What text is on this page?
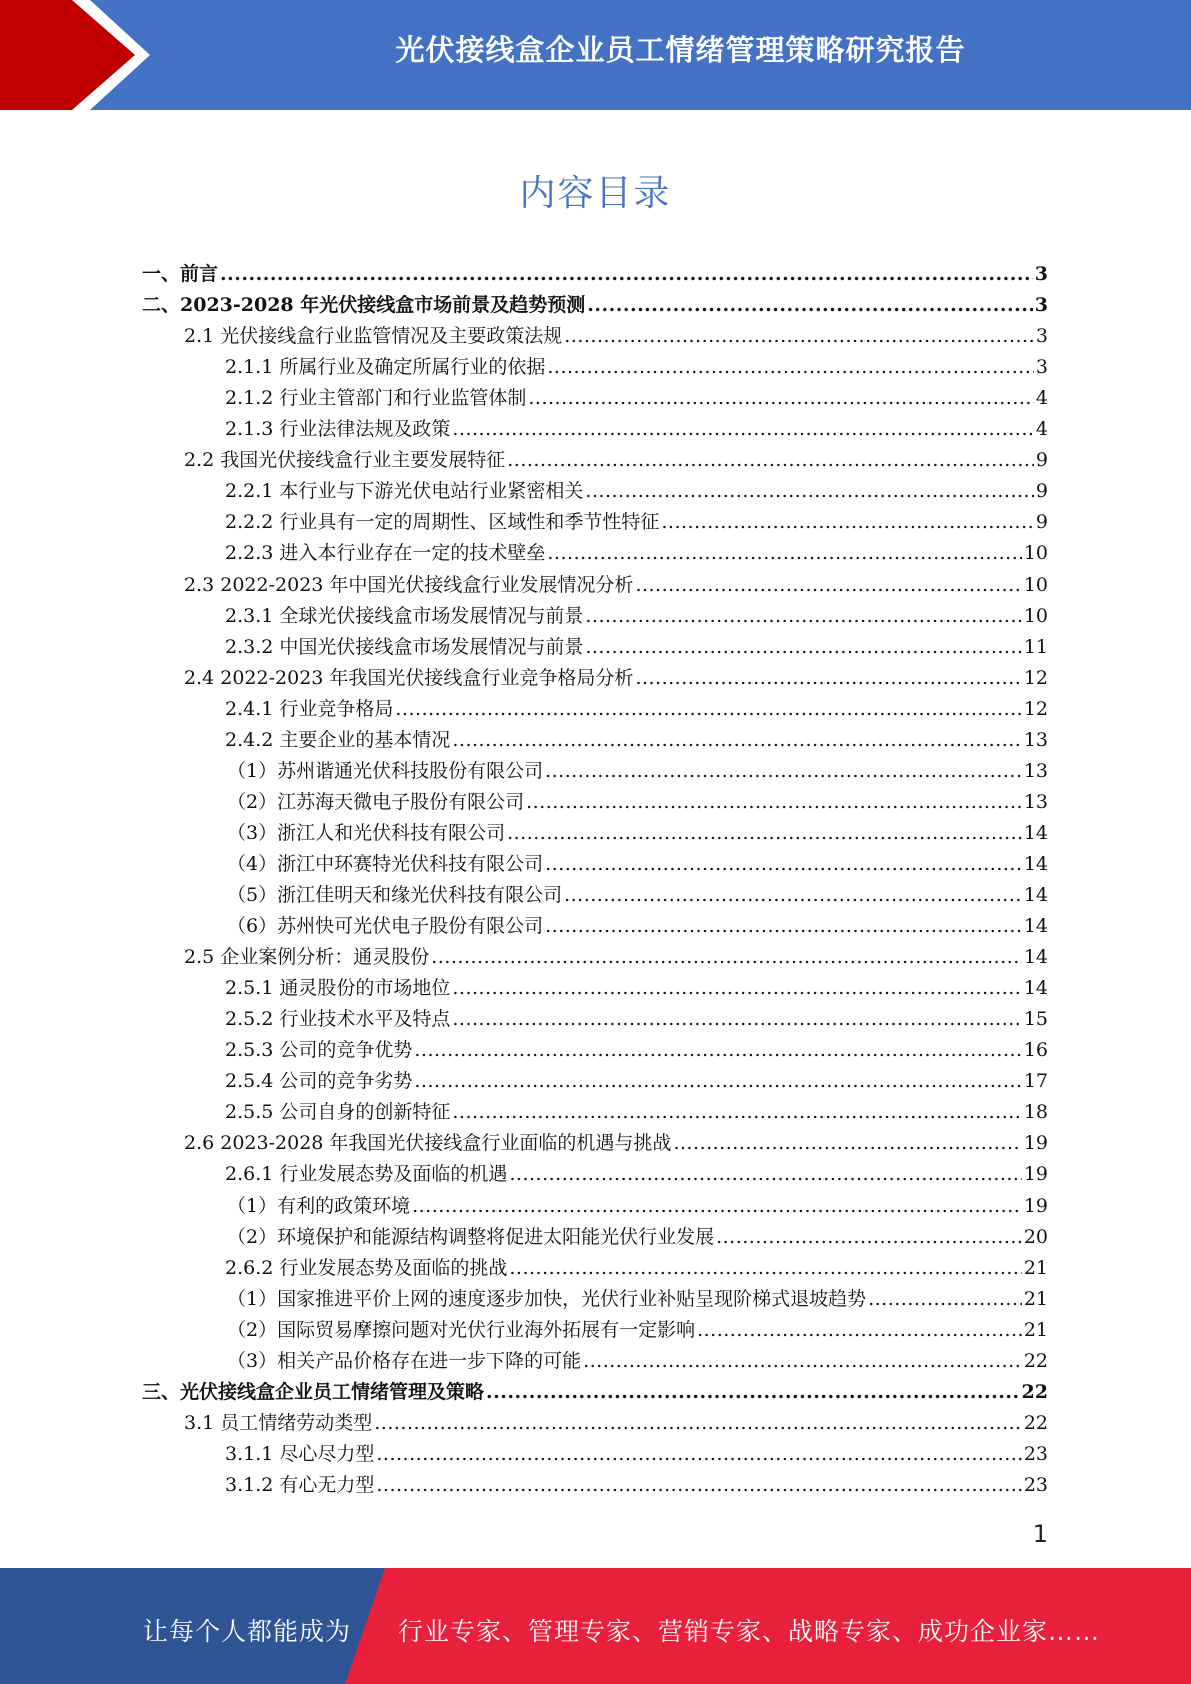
光伏接线盒企业员工情绪管理策略研究报告
内容目录
一、前言 .....	3
二、2023-2028 年光伏接线盒市场前景及趋势预测 .....	3
2.1 光伏接线盒行业监管情况及主要政策法规 .....	3
2.1.1 所属行业及确定所属行业的依据 .....	3
2.1.2 行业主管部门和行业监管体制 .....	4
2.1.3 行业法律法规及政策 .....	4
2.2 我国光伏接线盒行业主要发展特征 .....	9
2.2.1 本行业与下游光伏电站行业紧密相关 .....	9
2.2.2 行业具有一定的周期性、区域性和季节性特征 .....	9
2.2.3 进入本行业存在一定的技术壁垒 .....	10
2.3 2022-2023 年中国光伏接线盒行业发展情况分析 .....	10
2.3.1 全球光伏接线盒市场发展情况与前景 .....	10
2.3.2 中国光伏接线盒市场发展情况与前景 .....	11
2.4 2022-2023 年我国光伏接线盒行业竞争格局分析 .....	12
2.4.1 行业竞争格局 .....	12
2.4.2 主要企业的基本情况 .....	13
（1）苏州谐通光伏科技股份有限公司 .....	13
（2）江苏海天微电子股份有限公司 .....	13
（3）浙江人和光伏科技有限公司 .....	14
（4）浙江中环赛特光伏科技有限公司 .....	14
（5）浙江佳明天和缘光伏科技有限公司 .....	14
（6）苏州快可光伏电子股份有限公司 .....	14
2.5 企业案例分析：通灵股份 .....	14
2.5.1 通灵股份的市场地位 .....	14
2.5.2 行业技术水平及特点 .....	15
2.5.3 公司的竞争优势 .....	16
2.5.4 公司的竞争劣势 .....	17
2.5.5 公司自身的创新特征 .....	18
2.6 2023-2028 年我国光伏接线盒行业面临的机遇与挑战 .....	19
2.6.1 行业发展态势及面临的机遇 .....	19
（1）有利的政策环境 .....	19
（2）环境保护和能源结构调整将促进太阳能光伏行业发展 .....	20
2.6.2 行业发展态势及面临的挑战 .....	21
（1）国家推进平价上网的速度逐步加快，光伏行业补贴呈现阶梯式退坡趋势 .....	21
（2）国际贸易摩擦问题对光伏行业海外拓展有一定影响 .....	21
（3）相关产品价格存在进一步下降的可能 .....	22
三、光伏接线盒企业员工情绪管理及策略 .....	22
3.1 员工情绪劳动类型 .....	22
3.1.1 尽心尽力型 .....	23
3.1.2 有心无力型 .....	23
1
让每个人都能成为 行业专家、管理专家、营销专家、战略专家、成功企业家……
